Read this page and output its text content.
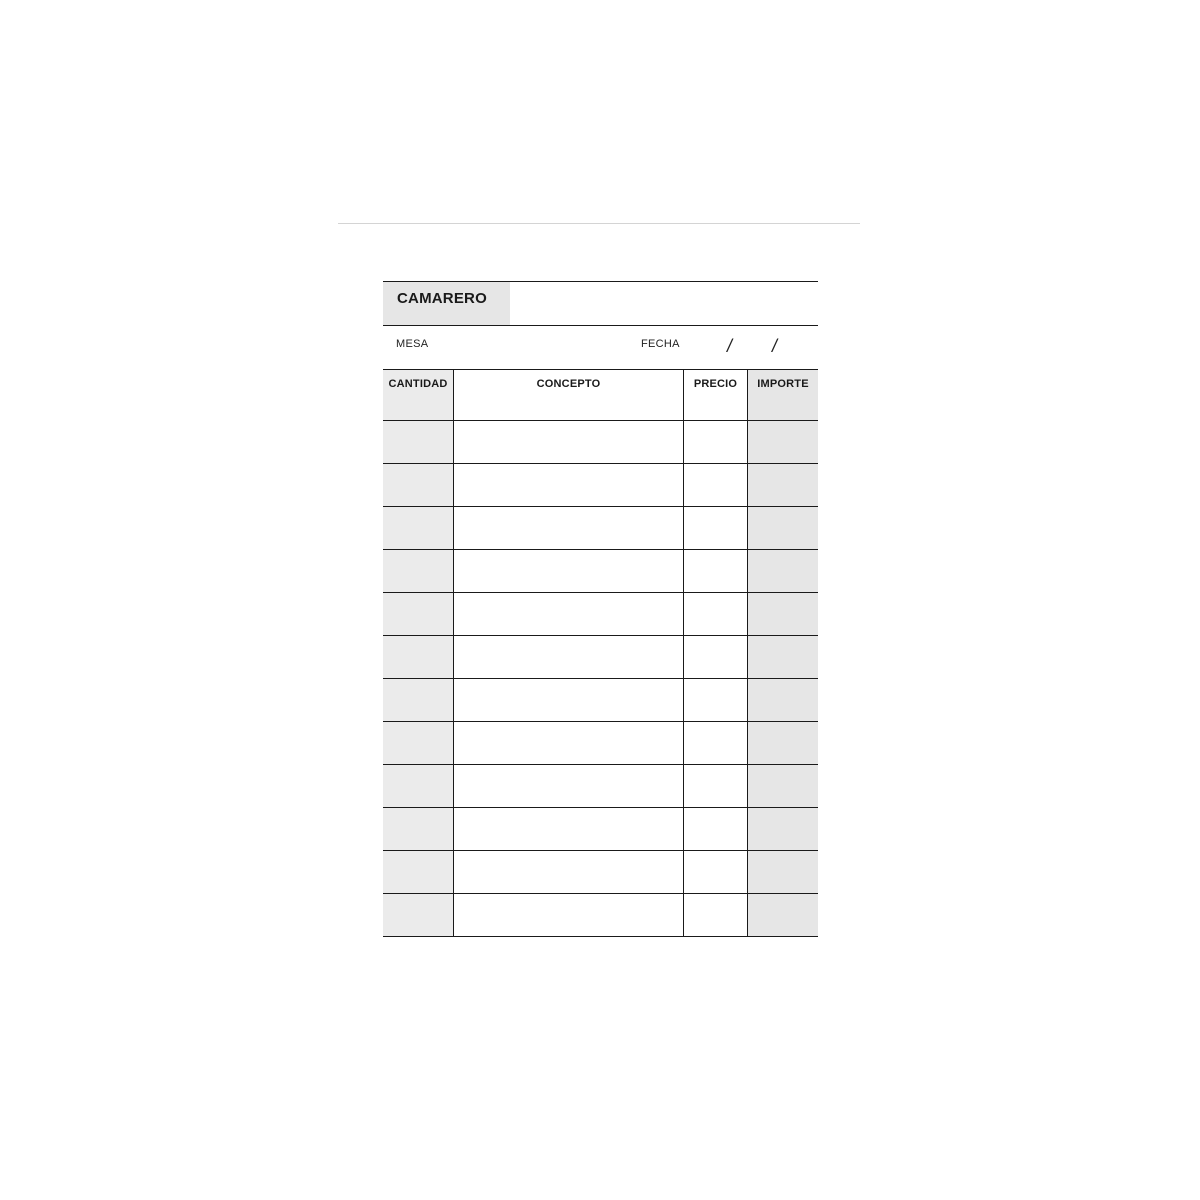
CAMARERO
MESA	FECHA	/ /
CANTIDAD	CONCEPTO	PRECIO	IMPORTE
